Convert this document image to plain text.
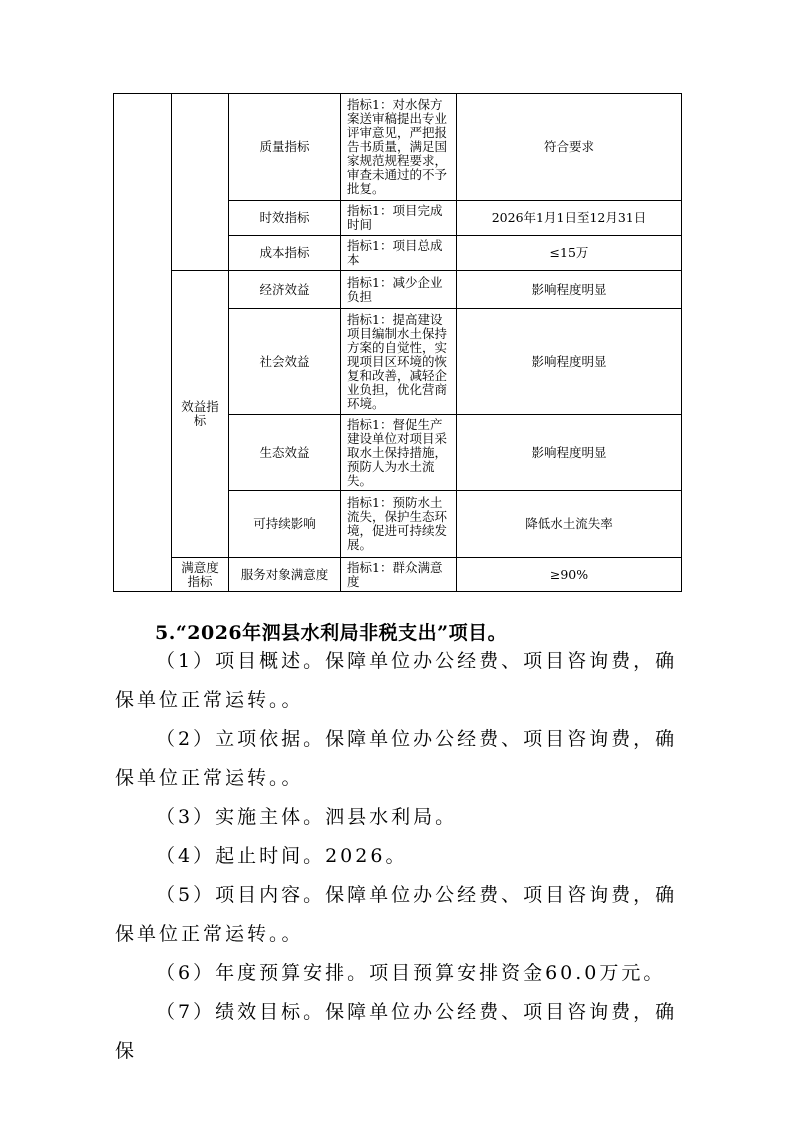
		质量指标	指标1：对水保方案送审稿提出专业评审意见，严把报告书质量，满足国家规范规程要求，审查未通过的不予批复。	符合要求
		时效指标	指标1：项目完成时间	2026年1月1日至12月31日
		成本指标	指标1：项目总成本	≤15万
	效益指标	经济效益	指标1：减少企业负担	影响程度明显
		社会效益	指标1：提高建设项目编制水土保持方案的自觉性，实现项目区环境的恢复和改善，减轻企业负担，优化营商环境。	影响程度明显
		生态效益	指标1：督促生产建设单位对项目采取水土保持措施，预防人为水土流失。	影响程度明显
		可持续影响	指标1：预防水土流失，保护生态环境，促进可持续发展。	降低水土流失率
	满意度指标	服务对象满意度	指标1：群众满意度	≥90%
5.“2026年泗县水利局非税支出”项目。

（1）项目概述。保障单位办公经费、项目咨询费，确保单位正常运转。。

（2）立项依据。保障单位办公经费、项目咨询费，确保单位正常运转。。

（3）实施主体。泗县水利局。

（4）起止时间。2026。

（5）项目内容。保障单位办公经费、项目咨询费，确保单位正常运转。。

（6）年度预算安排。项目预算安排资金60.0万元。

（7）绩效目标。保障单位办公经费、项目咨询费，确保
